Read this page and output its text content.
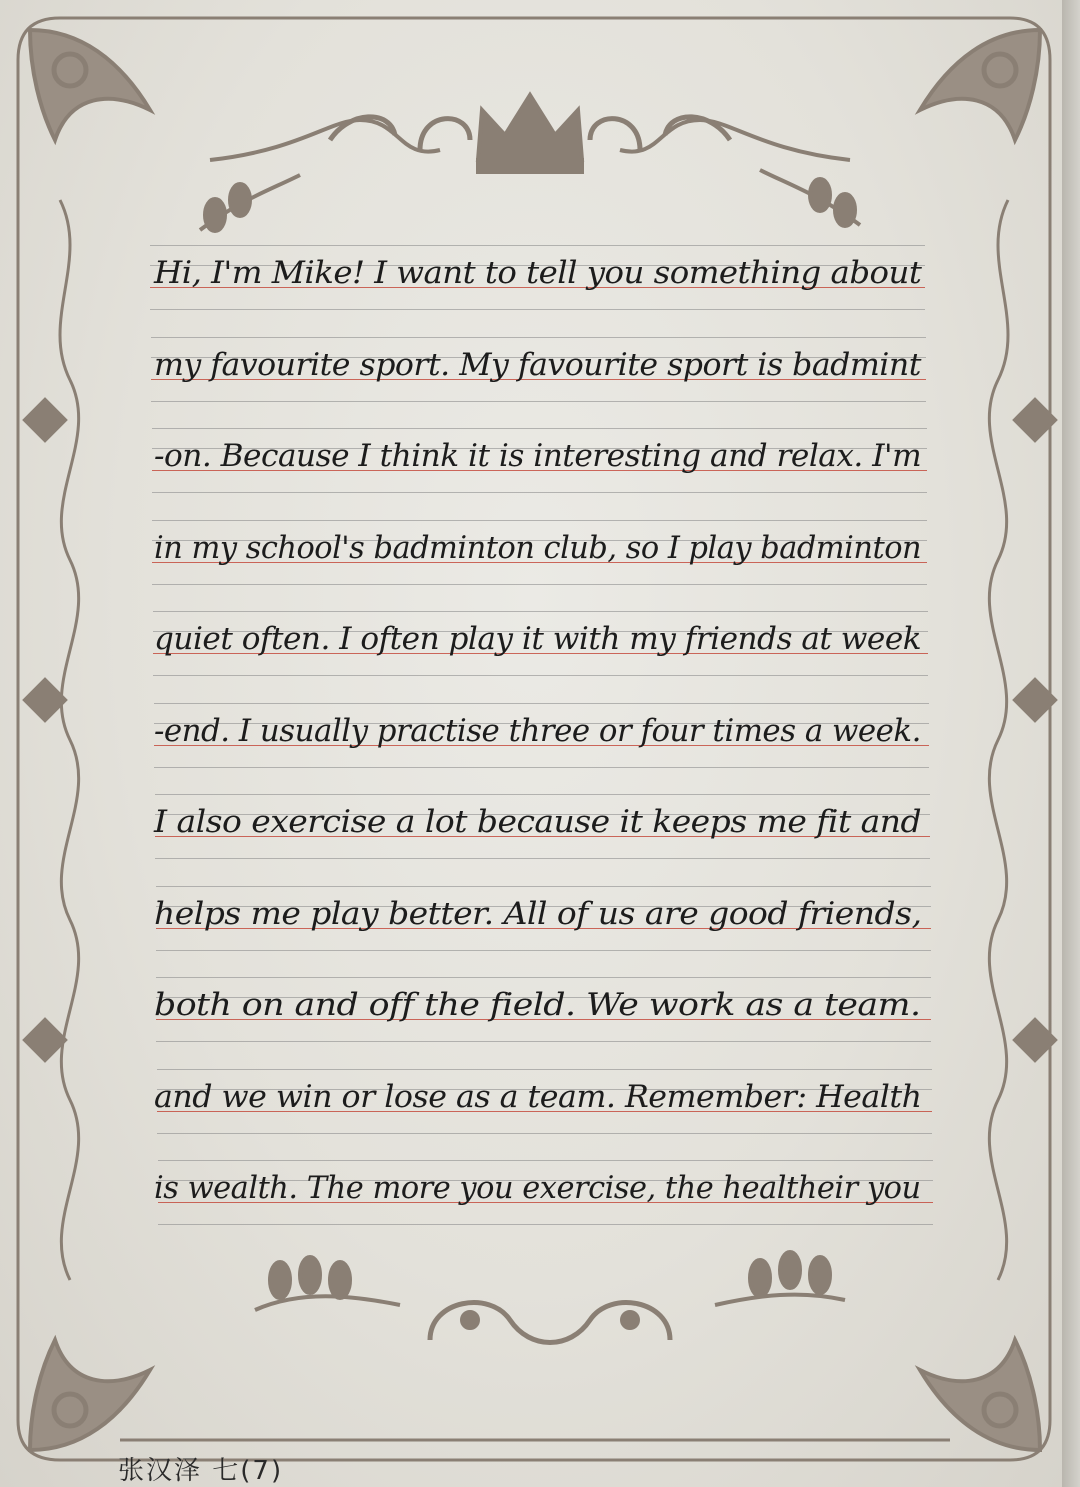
Hi, I'm Mike! I want to tell you something about
my favourite sport. My favourite sport is badmint
-on. Because I think it is interesting and relax. I'm
in my school's badminton club, so I play badminton
quiet often. I often play it with my friends at week
-end. I usually practise three or four times a week.
I also exercise a lot because it keeps me fit and
helps me play better. All of us are good friends,
both on and off the field. We work as a team.
and we win or lose as a team. Remember: Health
is wealth. The more you exercise, the healtheir you
张汉泽 七(7)
